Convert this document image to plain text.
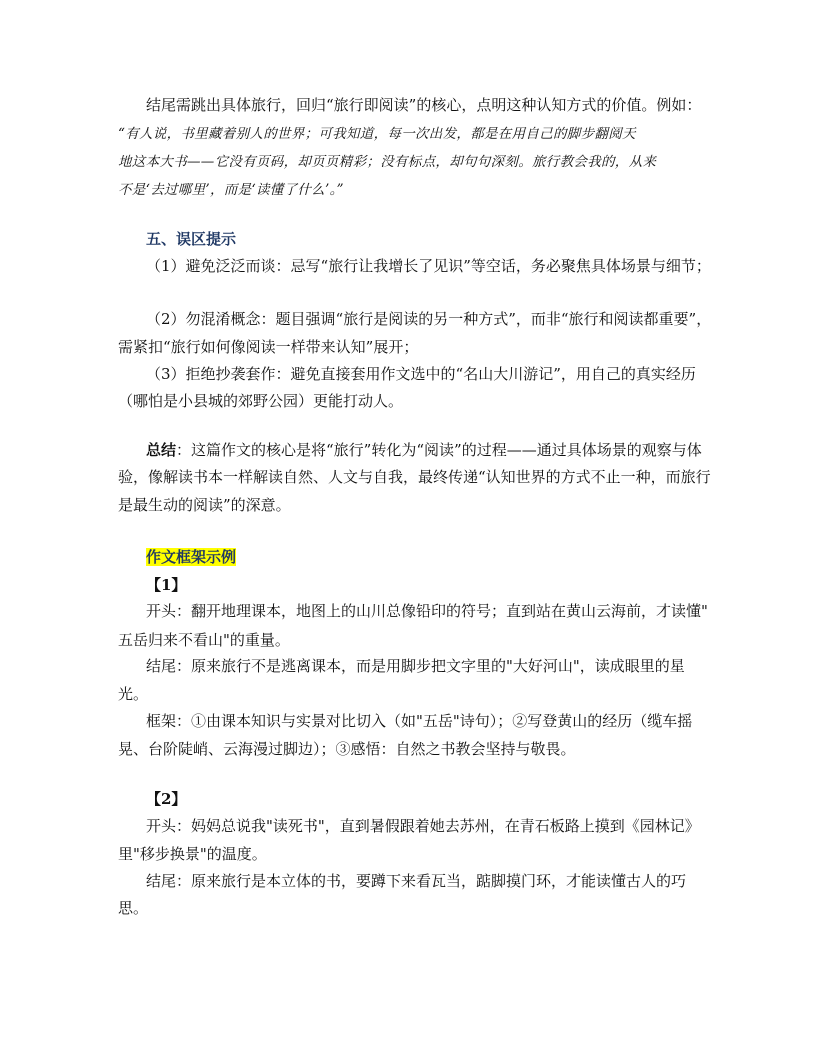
结尾需跳出具体旅行，回归“旅行即阅读”的核心，点明这种认知方式的价值。例如：
“有人说，书里藏着别人的世界；可我知道，每一次出发，都是在用自己的脚步翻阅天
地这本大书——它没有页码，却页页精彩；没有标点，却句句深刻。旅行教会我的，从来
不是‘去过哪里’，而是‘读懂了什么’。”
五、误区提示
（1）避免泛泛而谈：忌写“旅行让我增长了见识”等空话，务必聚焦具体场景与细节；
（2）勿混淆概念：题目强调“旅行是阅读的另一种方式”，而非“旅行和阅读都重要”，
需紧扣“旅行如何像阅读一样带来认知”展开；
（3）拒绝抄袭套作：避免直接套用作文选中的“名山大川游记”，用自己的真实经历
（哪怕是小县城的郊野公园）更能打动人。
总结：这篇作文的核心是将“旅行”转化为“阅读”的过程——通过具体场景的观察与体
验，像解读书本一样解读自然、人文与自我，最终传递“认知世界的方式不止一种，而旅行
是最生动的阅读”的深意。
作文框架示例
【1】
开头：翻开地理课本，地图上的山川总像铅印的符号；直到站在黄山云海前，才读懂"
五岳归来不看山"的重量。
结尾：原来旅行不是逃离课本，而是用脚步把文字里的"大好河山"，读成眼里的星
光。
框架：①由课本知识与实景对比切入（如"五岳"诗句）；②写登黄山的经历（缆车摇
晃、台阶陡峭、云海漫过脚边）；③感悟：自然之书教会坚持与敬畏。
【2】
开头：妈妈总说我"读死书"，直到暑假跟着她去苏州，在青石板路上摸到《园林记》
里"移步换景"的温度。
结尾：原来旅行是本立体的书，要蹲下来看瓦当，踮脚摸门环，才能读懂古人的巧
思。
